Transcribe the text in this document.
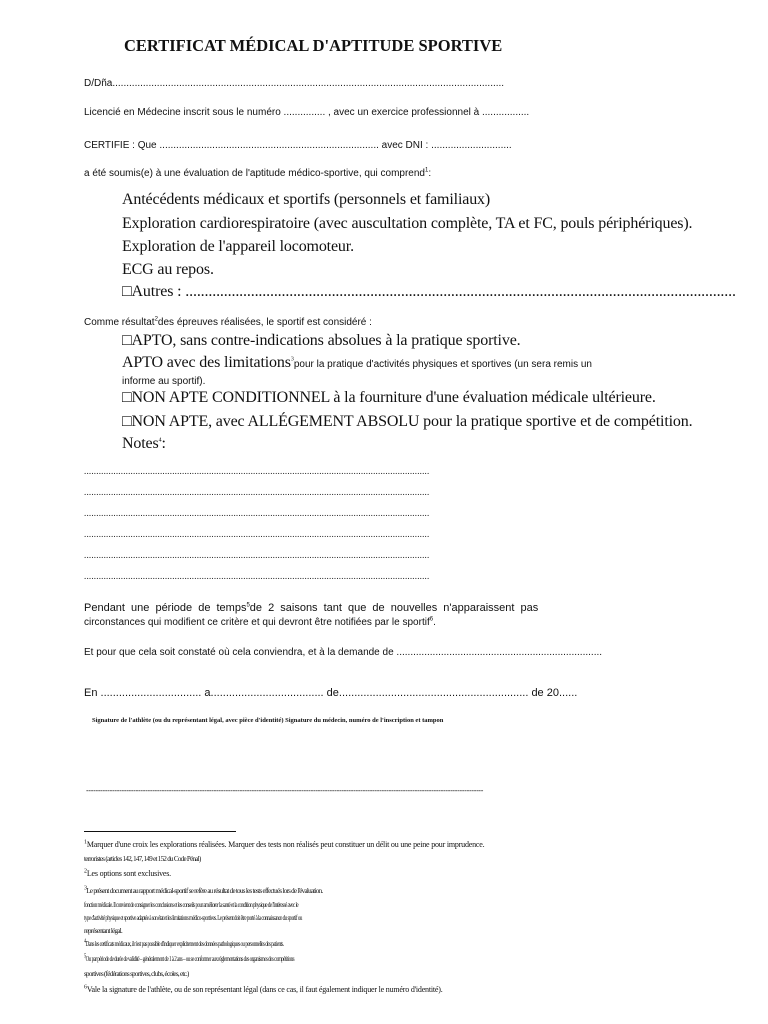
CERTIFICAT MÉDICAL D'APTITUDE SPORTIVE
D/Dña.............................................................................................................................................
Licencié en Médecine inscrit sous le numéro ............... , avec un exercice professionnel à .................
CERTIFIE : Que ............................................................................... avec DNI : .............................
a été soumis(e) à une évaluation de l'aptitude médico-sportive, qui comprend$^1$:
Antécédents médicaux et sportifs (personnels et familiaux)
Exploration cardiorespiratoire (avec auscultation complète, TA et FC, pouls périphériques).
Exploration de l'appareil locomoteur.
ECG au repos.
□Autres : ...............................................................................................................................................
Comme résultat$^2$des épreuves réalisées, le sportif est considéré :
□APTO, sans contre-indications absolues à la pratique sportive.
APTO avec des limitations$^3$pour la pratique d'activités physiques et sportives (un sera remis un
informe au sportif).
□NON APTE CONDITIONNEL à la fourniture d'une évaluation médicale ultérieure.
□NON APTE, avec ALLÉGEMENT ABSOLU pour la pratique sportive et de compétition.
Notes$^4$:
.............................................................................................................................................
.............................................................................................................................................
.............................................................................................................................................
.............................................................................................................................................
.............................................................................................................................................
.............................................................................................................................................
Pendant une période de temps$^5$de 2 saisons tant que de nouvelles n'apparaissent pas
circonstances qui modifient ce critère et qui devront être notifiées par le sportif$^6$.
Et pour que cela soit constaté où cela conviendra, et à la demande de ..........................................................................
En ................................. a..................................... de.............................................................. de 20......
Signature de l'athlète (ou du représentant légal, avec pièce d'identité) Signature du médecin, numéro de l'inscription et tampon
------------------------------------------------------------------------------------------------------------------------------------------------------------------------
$^1$Marquer d'une croix les explorations réalisées. Marquer des tests non réalisés peut constituer un délit ou une peine pour imprudence.
terroristes (articles 142, 147, 149 et 152 du Code Pénal)
$^2$Les options sont exclusives.
$^3$Le présent document au rapport médical-sportif se refère au résultat de tous les tests effectués lors de l'évaluation.
fonction médicale. Il convient de consigner les conclusions et les conseils pour améliorer la santé et la condition physique de l'intéressé avec le
type d'activité physique et sportive adaptée à son état et les limitations médico-sportives. Le présent doit être porté à la connaissance du sportif ou
représentant légal.
$^4$Dans les certificats médicaux, il n'est pas possible d'indiquer explicitement des données pathologiques ou personnelles des patients.
$^5$Ou par période de durée de validité – généralement de 1 à 2 ans – ou se conformer aux réglementations des organismes des compétitions
sportives (fédérations sportives, clubs, écoles, etc.)
$^6$Vale la signature de l'athlète, ou de son représentant légal (dans ce cas, il faut également indiquer le numéro d'identité).
